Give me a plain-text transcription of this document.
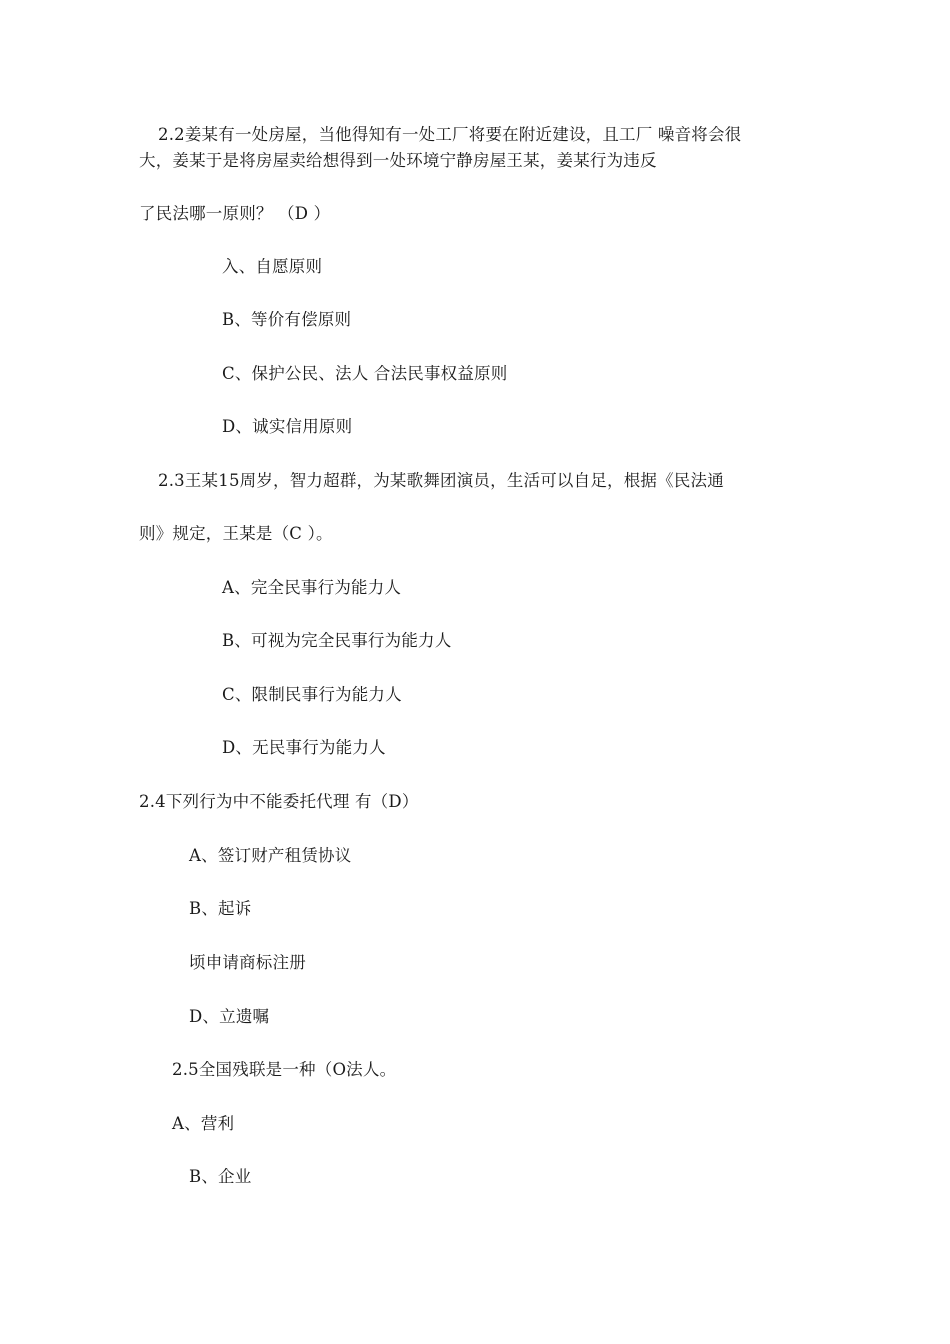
2.2姜某有一处房屋，当他得知有一处工厂将要在附近建设，且工厂 噪音将会很
大，姜某于是将房屋卖给想得到一处环境宁静房屋王某，姜某行为违反
了民法哪一原则？ （D ）
入、自愿原则
B、等价有偿原则
C、保护公民、法人 合法民事权益原则
D、诚实信用原则
2.3王某15周岁，智力超群，为某歌舞团演员，生活可以自足，根据《民法通
则》规定，王某是（C ）。
A、完全民事行为能力人
B、可视为完全民事行为能力人
C、限制民事行为能力人
D、无民事行为能力人
2.4下列行为中不能委托代理 有（D）
A、签订财产租赁协议
B、起诉
顷申请商标注册
D、立遗嘱
2.5全国残联是一种（O法人。
A、营利
B、企业
